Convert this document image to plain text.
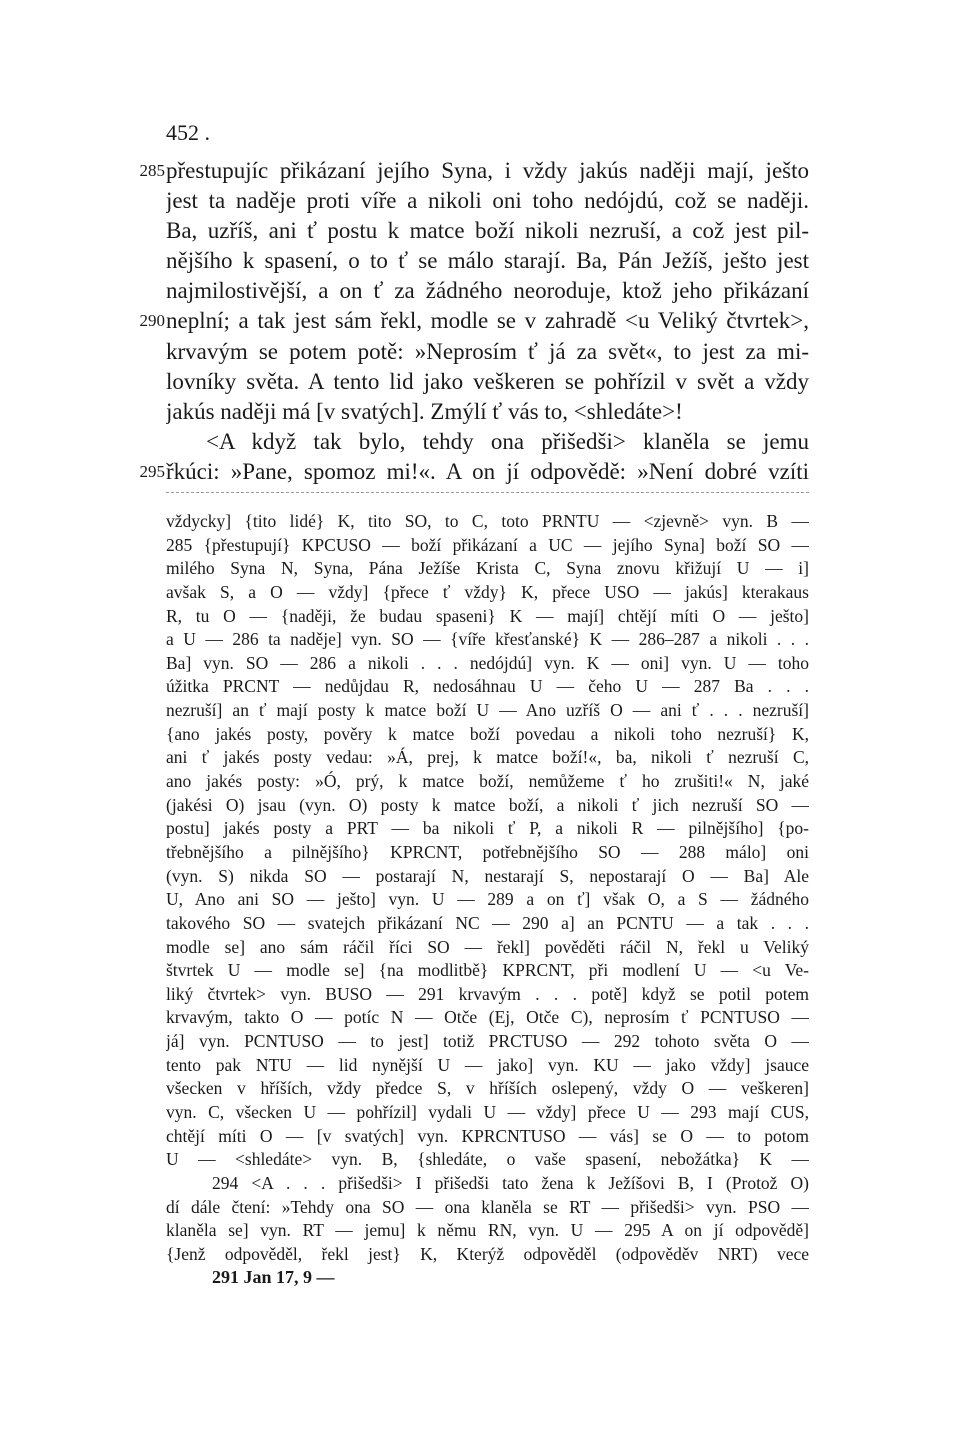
452 .
285 přestupujíc přikázaní jejího Syna, i vždy jakús naději mají, ješto
jest ta naděje proti víře a nikoli oni toho nedójdú, což se naději.
Ba, uzříš, ani ť postu k matce boží nikoli nezruší, a což jest pil-
nějšího k spasení, o to ť se málo starají. Ba, Pán Ježíš, ješto jest
najmilostivější, a on ť za žádného neoroduje, ktož jeho přikázaní
290 neplní; a tak jest sám řekl, modle se v zahradě <u Veliký čtvrtek>,
krvavým se potem potě: »Neprosím ť já za svět«, to jest za mi-
lovníky světa. A tento lid jako veškeren se pohřízil v svět a vždy
jakús naději má [v svatých]. Zmýlí ť vás to, <shledáte>!
<A když tak bylo, tehdy ona přišedši> klaněla se jemu
295 řkúci: »Pane, spomoz mi!«. A on jí odpovědě: »Není dobré vzíti
vždycky] {tito lidé} K, tito SO, to C, toto PRNTU — <zjevně> vyn. B —
285 {přestupují} KPCUSO — boží přikázaní a UC — jejího Syna] boží SO —
milého Syna N, Syna, Pána Ježíše Krista C, Syna znovu křižují U — i]
avšak S, a O — vždy] {přece ť vždy} K, přece USO — jakús] kterakaus
R, tu O — {naději, že budau spaseni} K — mají] chtějí míti O — ješto]
a U — 286 ta naděje] vyn. SO — {víře křesťanské} K — 286–287 a nikoli . . .
Ba] vyn. SO — 286 a nikoli . . . nedójdú] vyn. K — oni] vyn. U — toho
úžitka PRCNT — nedůjdau R, nedosáhnau U — čeho U — 287 Ba . . .
nezruší] an ť mají posty k matce boží U — Ano uzříš O — ani ť . . . nezruší]
{ano jakés posty, pověry k matce boží povedau a nikoli toho nezruší} K,
ani ť jakés posty vedau: »Á, prej, k matce boží!«, ba, nikoli ť nezruší C,
ano jakés posty: »Ó, prý, k matce boží, nemůžeme ť ho zrušiti!« N, jaké
(jakési O) jsau (vyn. O) posty k matce boží, a nikoli ť jich nezruší SO —
postu] jakés posty a PRT — ba nikoli ť P, a nikoli R — pilnějšího] {po-
třebnějšího a pilnějšího} KPRCNT, potřebnějšího SO — 288 málo] oni
(vyn. S) nikda SO — postarají N, nestarají S, nepostarají O — Ba] Ale
U, Ano ani SO — ješto] vyn. U — 289 a on ť] však O, a S — žádného
takového SO — svatejch přikázaní NC — 290 a] an PCNTU — a tak . . .
modle se] ano sám ráčil říci SO — řekl] pověděti ráčil N, řekl u Veliký
štvrtek U — modle se] {na modlitbě} KPRCNT, při modlení U — <u Ve-
liký čtvrtek> vyn. BUSO — 291 krvavým . . . potě] když se potil potem
krvavým, takto O — potíc N — Otče (Ej, Otče C), neprosím ť PCNTUSO —
já] vyn. PCNTUSO — to jest] totiž PRCTUSO — 292 tohoto světa O —
tento pak NTU — lid nynější U — jako] vyn. KU — jako vždy] jsauce
všecken v hříších, vždy předce S, v hříších oslepený, vždy O — veškeren]
vyn. C, všecken U — pohřízil] vydali U — vždy] přece U — 293 mají CUS,
chtějí míti O — [v svatých] vyn. KPRCNTUSO — vás] se O — to potom
U — <shledáte> vyn. B, {shledáte, o vaše spasení, nebožátka} K —
294 <A . . . přišedši> I přišedši tato žena k Ježíšovi B, I (Protož O)
dí dále čtení: »Tehdy ona SO — ona klaněla se RT — přišedši> vyn. PSO —
klaněla se] vyn. RT — jemu] k němu RN, vyn. U — 295 A on jí odpovědě]
{Jenž odpověděl, řekl jest} K, Kterýž odpověděl (odpověděv NRT) vece
291 Jan 17, 9 —
